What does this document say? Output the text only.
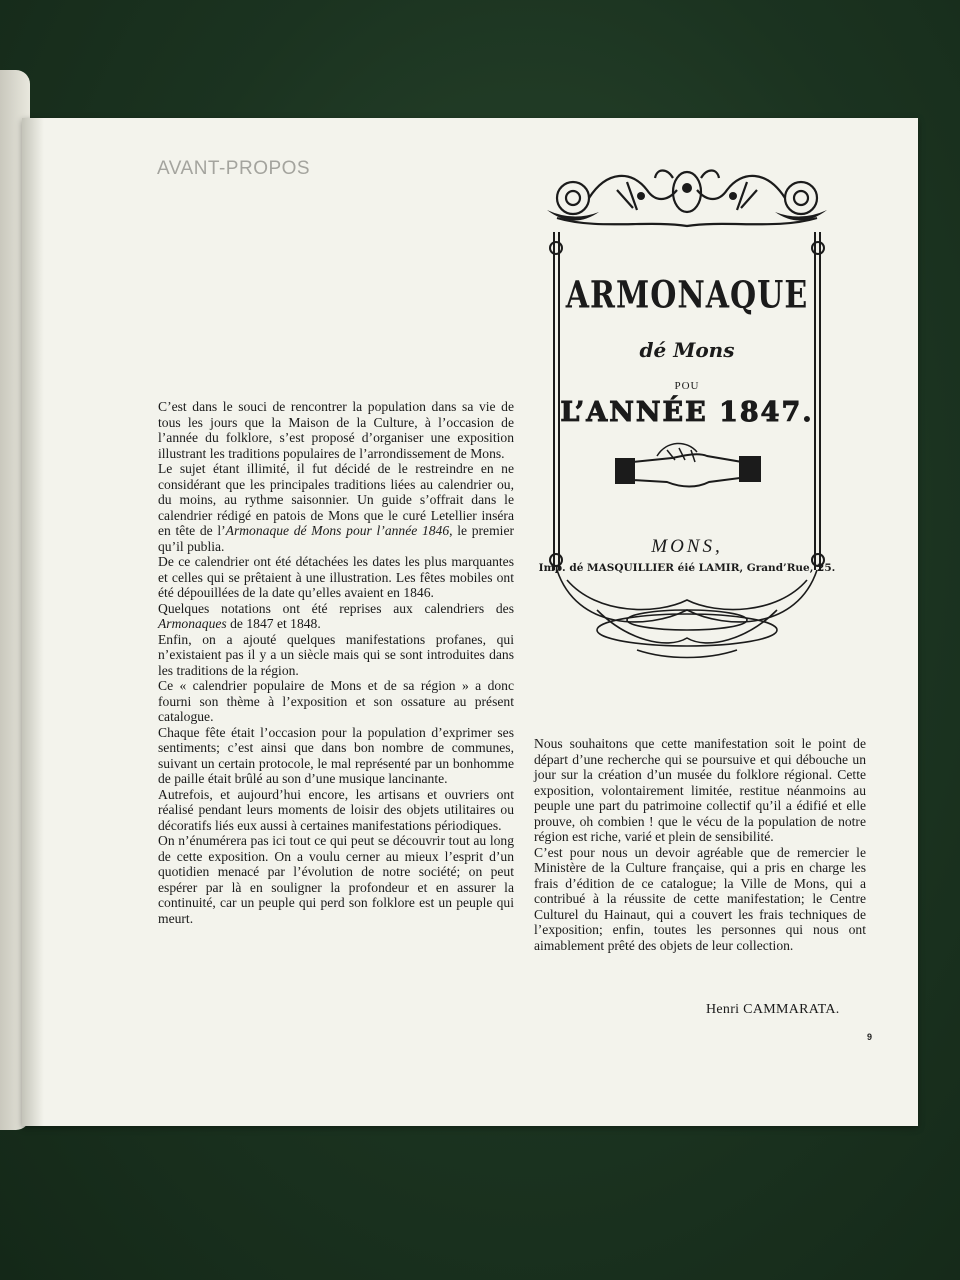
AVANT-PROPOS

C’est dans le souci de rencontrer la population dans sa vie de tous les jours que la Maison de la Culture, à l’occasion de l’année du folklore, s’est proposé d’organiser une exposition illustrant les traditions populaires de l’arrondissement de Mons.

Le sujet étant illimité, il fut décidé de le restreindre en ne considérant que les principales traditions liées au calendrier ou, du moins, au rythme saisonnier. Un guide s’offrait dans le calendrier rédigé en patois de Mons que le curé Letellier inséra en tête de l’Armonaque dé Mons pour l’année 1846, le premier qu’il publia.

De ce calendrier ont été détachées les dates les plus marquantes et celles qui se prêtaient à une illustration. Les fêtes mobiles ont été dépouillées de la date qu’elles avaient en 1846.

Quelques notations ont été reprises aux calendriers des Armonaques de 1847 et 1848.

Enfin, on a ajouté quelques manifestations profanes, qui n’existaient pas il y a un siècle mais qui se sont introduites dans les traditions de la région.

Ce « calendrier populaire de Mons et de sa région » a donc fourni son thème à l’exposition et son ossature au présent catalogue.

Chaque fête était l’occasion pour la population d’exprimer ses sentiments; c’est ainsi que dans bon nombre de communes, suivant un certain protocole, le mal représenté par un bonhomme de paille était brûlé au son d’une musique lancinante.

Autrefois, et aujourd’hui encore, les artisans et ouvriers ont réalisé pendant leurs moments de loisir des objets utilitaires ou décoratifs liés eux aussi à certaines manifestations périodiques.

On n’énumérera pas ici tout ce qui peut se découvrir tout au long de cette exposition. On a voulu cerner au mieux l’esprit d’un quotidien menacé par l’évolution de notre société; on peut espérer par là en souligner la profondeur et en assurer la continuité, car un peuple qui perd son folklore est un peuple qui meurt.

Nous souhaitons que cette manifestation soit le point de départ d’une recherche qui se poursuive et qui débouche un jour sur la création d’un musée du folklore régional. Cette exposition, volontairement limitée, restitue néanmoins au peuple une part du patrimoine collectif qu’il a édifié et elle prouve, oh combien ! que le vécu de la population de notre région est riche, varié et plein de sensibilité.

C’est pour nous un devoir agréable que de remercier le Ministère de la Culture française, qui a pris en charge les frais d’édition de ce catalogue; la Ville de Mons, qui a contribué à la réussite de cette manifestation; le Centre Culturel du Hainaut, qui a couvert les frais techniques de l’exposition; enfin, toutes les personnes qui nous ont aimablement prêté des objets de leur collection.

Henri CAMMARATA.
9
ARMONAQUE
dé Mons
POU
L’ANNÉE 1847.
MONS,
Imp. dé MASQUILLIER éié LAMIR, Grand’Rue, 25.
